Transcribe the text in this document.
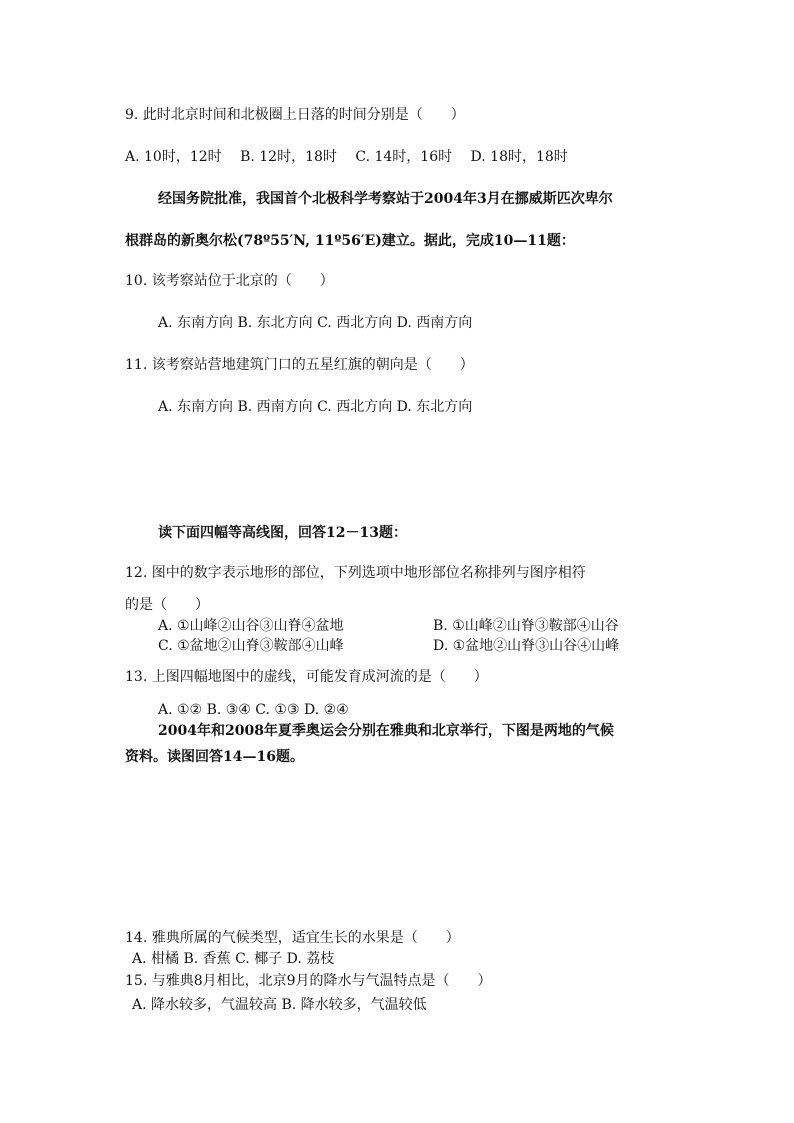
9. 此时北京时间和北极圈上日落的时间分别是（　　）
A. 10时，12时　 B. 12时，18时　 C. 14时，16时　 D. 18时，18时
经国务院批准，我国首个北极科学考察站于2004年3月在挪威斯匹次卑尔
根群岛的新奥尔松(78º55′N, 11º56′E)建立。据此，完成10—11题：
10. 该考察站位于北京的（　　）
A. 东南方向 B. 东北方向 C. 西北方向 D. 西南方向
11. 该考察站营地建筑门口的五星红旗的朝向是（　　）
A. 东南方向 B. 西南方向 C. 西北方向 D. 东北方向
读下面四幅等高线图，回答12－13题：
12. 图中的数字表示地形的部位，下列选项中地形部位名称排列与图序相符
的是（　　）
A. ①山峰②山谷③山脊④盆地	B. ①山峰②山脊③鞍部④山谷
C. ①盆地②山脊③鞍部④山峰	D. ①盆地②山脊③山谷④山峰
13. 上图四幅地图中的虚线，可能发育成河流的是（　　）
A. ①② B. ③④ C. ①③ D. ②④
2004年和2008年夏季奥运会分别在雅典和北京举行，下图是两地的气候
资料。读图回答14—16题。
14. 雅典所属的气候类型，适宜生长的水果是（　　）
A. 柑橘 B. 香蕉 C. 椰子 D. 荔枝
15. 与雅典8月相比，北京9月的降水与气温特点是（　　）
A. 降水较多，气温较高 B. 降水较多，气温较低
